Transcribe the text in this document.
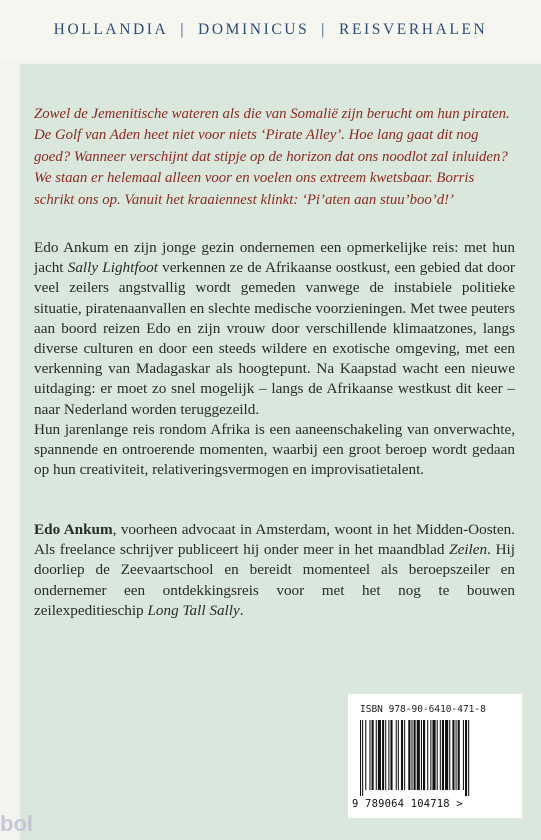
HOLLANDIA | DOMINICUS | REISVERHALEN

Zowel de Jemenitische wateren als die van Somalië zijn berucht om hun piraten. De Golf van Aden heet niet voor niets ‘Pirate Alley’. Hoe lang gaat dit nog goed? Wanneer verschijnt dat stipje op de horizon dat ons noodlot zal inluiden? We staan er helemaal alleen voor en voelen ons extreem kwetsbaar. Borris schrikt ons op. Vanuit het kraaiennest klinkt: ‘Pi’aten aan stuu’boo’d!’

Edo Ankum en zijn jonge gezin ondernemen een opmerkelijke reis: met hun jacht Sally Lightfoot verkennen ze de Afrikaanse oostkust, een gebied dat door veel zeilers angstvallig wordt gemeden vanwege de instabiele politieke situatie, piratenaanvallen en slechte medische voorzieningen. Met twee peuters aan boord reizen Edo en zijn vrouw door verschillende klimaatzones, langs diverse culturen en door een steeds wildere en exotische omgeving, met een verkenning van Madagaskar als hoogtepunt. Na Kaapstad wacht een nieuwe uitdaging: er moet zo snel mogelijk – langs de Afrikaanse westkust dit keer – naar Nederland worden teruggezeild.

Hun jarenlange reis rondom Afrika is een aaneenschakeling van onverwachte, spannende en ontroerende momenten, waarbij een groot beroep wordt gedaan op hun creativiteit, relativeringsvermogen en improvisatietalent.

Edo Ankum, voorheen advocaat in Amsterdam, woont in het Midden-Oosten. Als freelance schrijver publiceert hij onder meer in het maandblad Zeilen. Hij doorliep de Zeevaartschool en bereidt momenteel als beroepszeiler en ondernemer een ontdekkingsreis voor met het nog te bouwen zeilexpeditieschip Long Tall Sally.

ISBN 978-90-6410-471-8
9 789064 104718 >
bol
